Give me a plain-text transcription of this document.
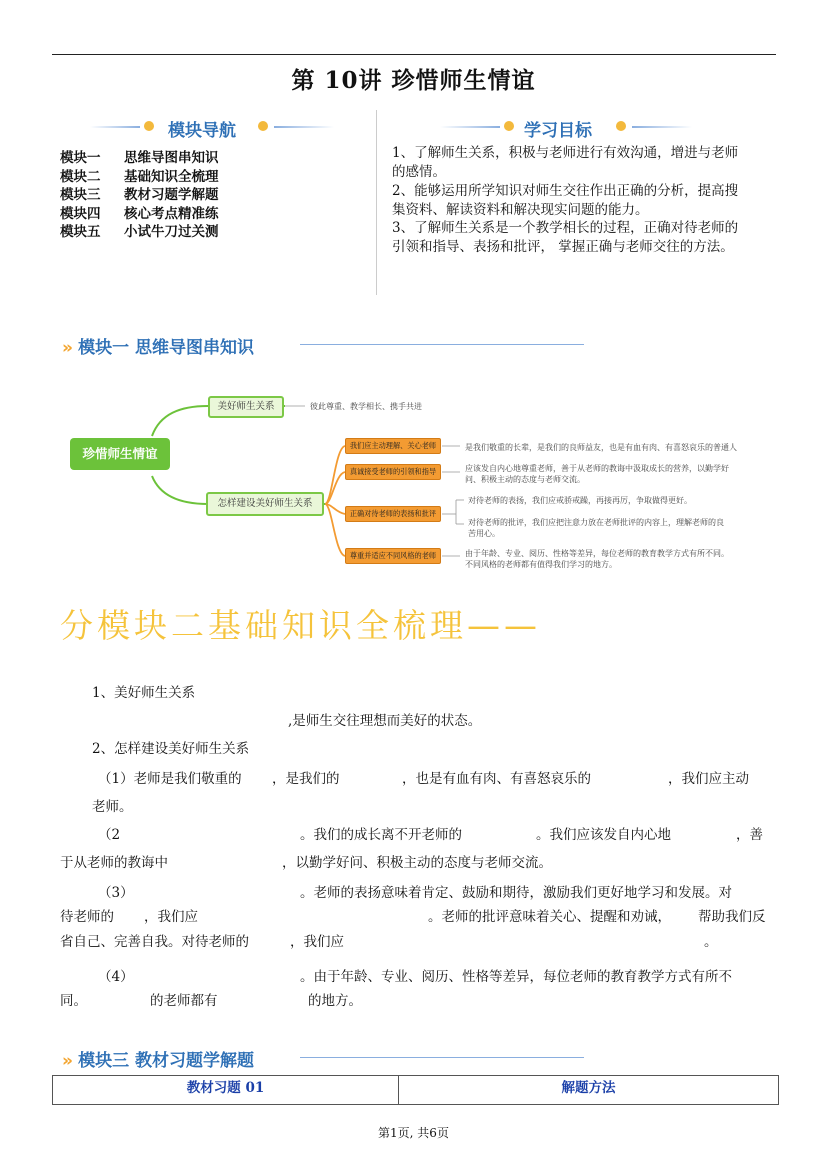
第 10讲 珍惜师生情谊
模块导航
模块一 思维导图串知识
模块二 基础知识全梳理
模块三 教材习题学解题
模块四 核心考点精准练
模块五 小试牛刀过关测
学习目标
1、了解师生关系，积极与老师进行有效沟通，增进与老师的感情。
2、能够运用所学知识对师生交往作出正确的分析，提高搜集资料、解读资料和解决现实问题的能力。
3、了解师生关系是一个教学相长的过程，正确对待老师的引领和指导、表扬和批评， 掌握正确与老师交往的方法。
» 模块一 思维导图串知识
珍惜师生情谊
美好师生关系	彼此尊重、教学相长、携手共进
怎样建设美好师生关系
我们应主动理解、关心老师	是我们敬重的长辈，是我们的良师益友，也是有血有肉、有喜怒哀乐的普通人
真诚接受老师的引领和指导	应该发自内心地尊重老师，善于从老师的教诲中汲取成长的营养，以勤学好问、积极主动的态度与老师交流。
正确对待老师的表扬和批评
对待老师的表扬，我们应戒骄戒躁，再接再厉，争取做得更好。
对待老师的批评，我们应把注意力放在老师批评的内容上，理解老师的良苦用心。
尊重并适应不同风格的老师	由于年龄、专业、阅历、性格等差异，每位老师的教育教学方式有所不同。不同风格的老师都有值得我们学习的地方。
分模块二基础知识全梳理——
1、美好师生关系
,是师生交往理想而美好的状态。
2、怎样建设美好师生关系
（1）老师是我们敬重的 ，是我们的	，也是有血有肉、有喜怒哀乐的	，我们应主动
老师。
（2	。我们的成长离不开老师的	。我们应该发自内心地	，善
于从老师的教诲中	，以勤学好问、积极主动的态度与老师交流。
（3）	。老师的表扬意味着肯定、鼓励和期待，激励我们更好地学习和发展。对
待老师的 ，我们应	。老师的批评意味着关心、提醒和劝诫， 帮助我们反
省自己、完善自我。对待老师的	，我们应	。
（4）	。由于年龄、专业、阅历、性格等差异，每位老师的教育教学方式有所不
同。	的老师都有	的地方。
» 模块三 教材习题学解题
教材习题 01	解题方法
第1页, 共6页
